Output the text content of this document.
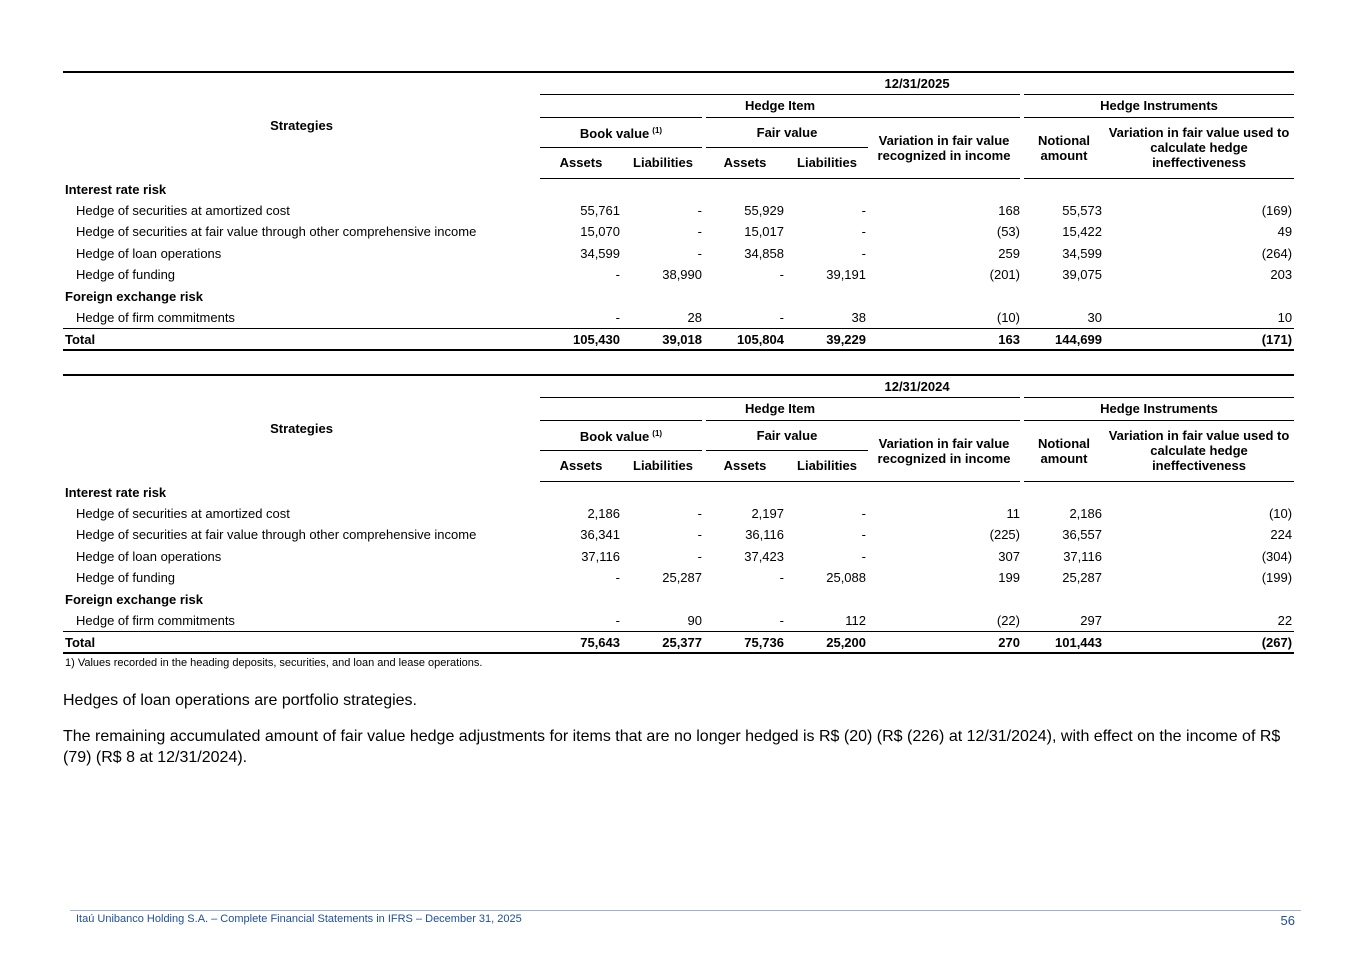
Strategies	12/31/2025						
	Hedge Item					Hedge Instruments	
	Book value $^{(1)}$		Fair value		Variation in fair value recognized in income	Notional amount	Variation in fair value used to calculate hedge ineffectiveness
	Assets	Liabilities	Assets	Liabilities			
Interest rate risk							
Hedge of securities at amortized cost	55,761	-	55,929	-	168	55,573	(169)
Hedge of securities at fair value through other comprehensive income	15,070	-	15,017	-	(53)	15,422	49
Hedge of loan operations	34,599	-	34,858	-	259	34,599	(264)
Hedge of funding	-	38,990	-	39,191	(201)	39,075	203
Foreign exchange risk							
Hedge of firm commitments	-	28	-	38	(10)	30	10
Total	105,430	39,018	105,804	39,229	163	144,699	(171)
Strategies	12/31/2024						
	Hedge Item					Hedge Instruments	
	Book value $^{(1)}$		Fair value		Variation in fair value recognized in income	Notional amount	Variation in fair value used to calculate hedge ineffectiveness
	Assets	Liabilities	Assets	Liabilities			
Interest rate risk							
Hedge of securities at amortized cost	2,186	-	2,197	-	11	2,186	(10)
Hedge of securities at fair value through other comprehensive income	36,341	-	36,116	-	(225)	36,557	224
Hedge of loan operations	37,116	-	37,423	-	307	37,116	(304)
Hedge of funding	-	25,287	-	25,088	199	25,287	(199)
Foreign exchange risk							
Hedge of firm commitments	-	90	-	112	(22)	297	22
Total	75,643	25,377	75,736	25,200	270	101,443	(267)
1) Values recorded in the heading deposits, securities, and loan and lease operations.
Hedges of loan operations are portfolio strategies.
The remaining accumulated amount of fair value hedge adjustments for items that are no longer hedged is R$ (20) (R$ (226) at 12/31/2024), with effect on the income of R$ (79) (R$ 8 at 12/31/2024).
Itaú Unibanco Holding S.A. – Complete Financial Statements in IFRS – December 31, 2025	56
